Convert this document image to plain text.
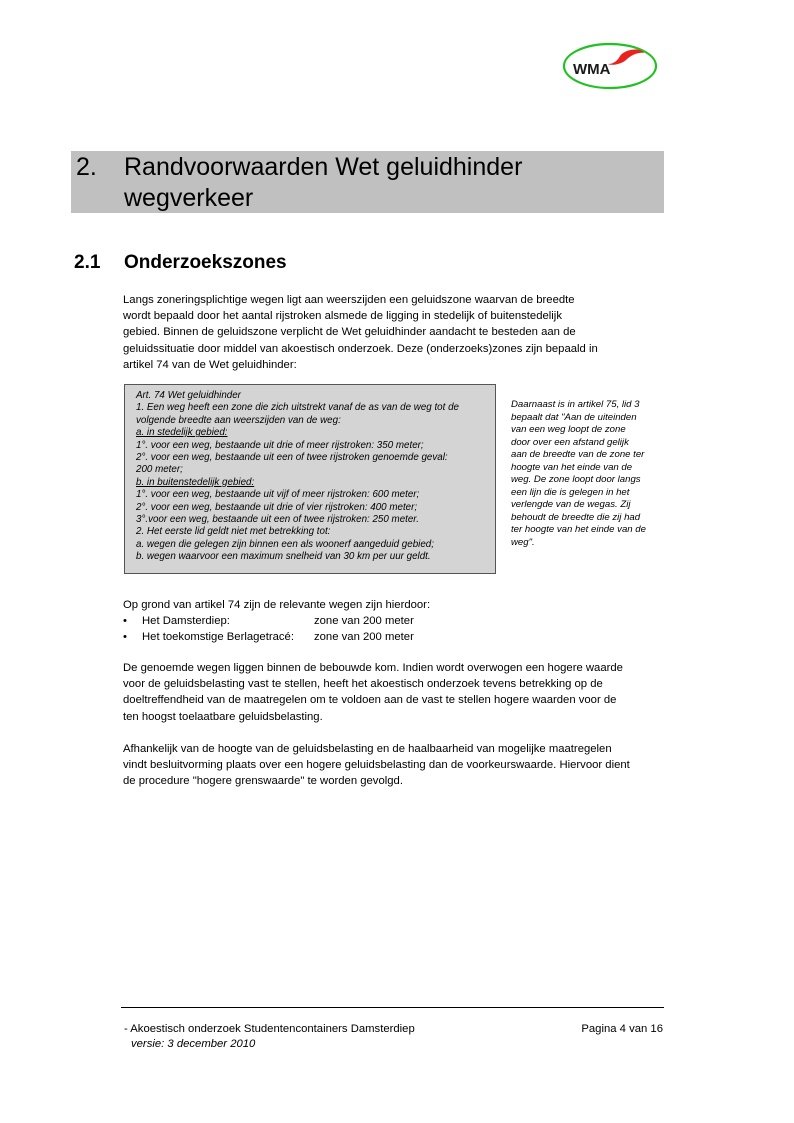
WMA
2. Randvoorwaarden Wet geluidhinder
wegverkeer
2.1 Onderzoekszones
Langs zoneringsplichtige wegen ligt aan weerszijden een geluidszone waarvan de breedte
wordt bepaald door het aantal rijstroken alsmede de ligging in stedelijk of buitenstedelijk
gebied. Binnen de geluidszone verplicht de Wet geluidhinder aandacht te besteden aan de
geluidssituatie door middel van akoestisch onderzoek. Deze (onderzoeks)zones zijn bepaald in
artikel 74 van de Wet geluidhinder:
Art. 74 Wet geluidhinder
1. Een weg heeft een zone die zich uitstrekt vanaf de as van de weg tot de
volgende breedte aan weerszijden van de weg:
a. in stedelijk gebied:
1°. voor een weg, bestaande uit drie of meer rijstroken: 350 meter;
2°. voor een weg, bestaande uit een of twee rijstroken genoemde geval:
200 meter;
b. in buitenstedelijk gebied:
1°. voor een weg, bestaande uit vijf of meer rijstroken: 600 meter;
2°. voor een weg, bestaande uit drie of vier rijstroken: 400 meter;
3°.voor een weg, bestaande uit een of twee rijstroken: 250 meter.
2. Het eerste lid geldt niet met betrekking tot:
a. wegen die gelegen zijn binnen een als woonerf aangeduid gebied;
b. wegen waarvoor een maximum snelheid van 30 km per uur geldt.
Daarnaast is in artikel 75, lid 3
bepaalt dat "Aan de uiteinden
van een weg loopt de zone
door over een afstand gelijk
aan de breedte van de zone ter
hoogte van het einde van de
weg. De zone loopt door langs
een lijn die is gelegen in het
verlengde van de wegas. Zij
behoudt de breedte die zij had
ter hoogte van het einde van de
weg".
Op grond van artikel 74 zijn de relevante wegen zijn hierdoor:
• Het Damsterdiep:	zone van 200 meter
• Het toekomstige Berlagetracé: zone van 200 meter
De genoemde wegen liggen binnen de bebouwde kom. Indien wordt overwogen een hogere waarde
voor de geluidsbelasting vast te stellen, heeft het akoestisch onderzoek tevens betrekking op de
doeltreffendheid van de maatregelen om te voldoen aan de vast te stellen hogere waarden voor de
ten hoogst toelaatbare geluidsbelasting.
Afhankelijk van de hoogte van de geluidsbelasting en de haalbaarheid van mogelijke maatregelen
vindt besluitvorming plaats over een hogere geluidsbelasting dan de voorkeurswaarde. Hiervoor dient
de procedure "hogere grenswaarde" te worden gevolgd.
- Akoestisch onderzoek Studentencontainers Damsterdiep
versie: 3 december 2010
Pagina 4 van 16
